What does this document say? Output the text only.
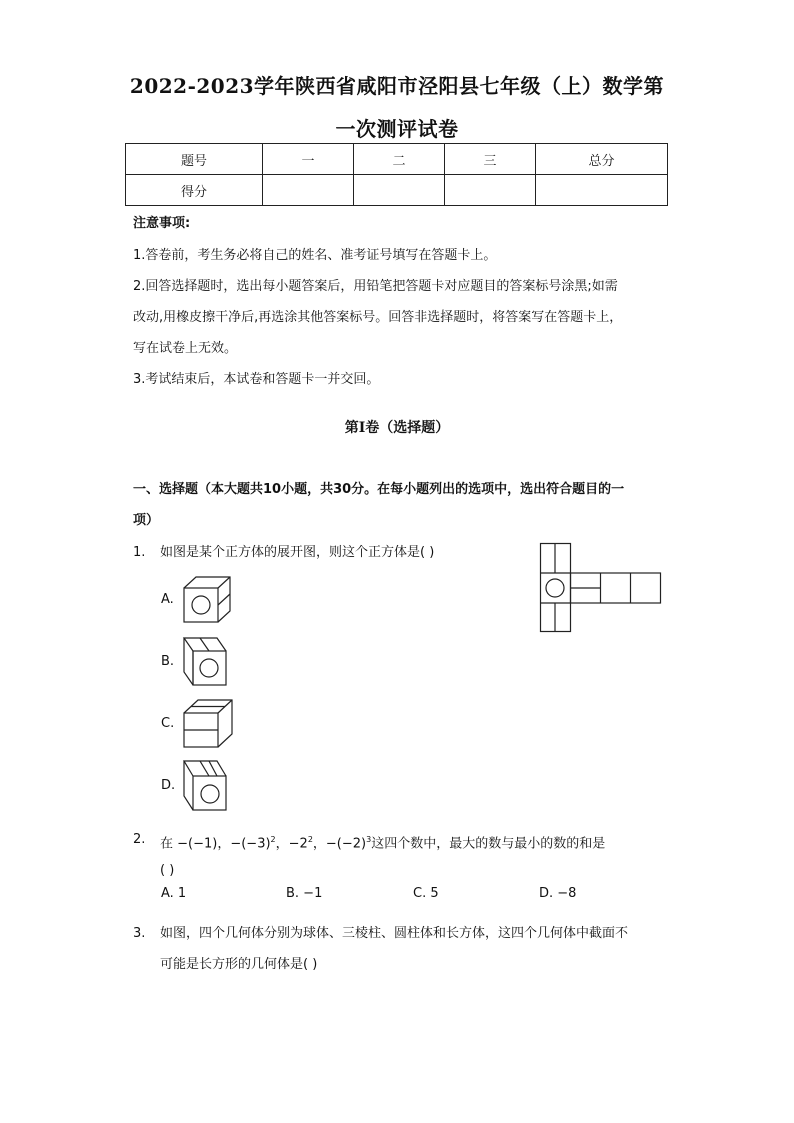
2022-2023学年陕西省咸阳市泾阳县七年级（上）数学第
一次测评试卷
题号	一	二	三	总分
得分				
注意事项:
1.答卷前，考生务必将自己的姓名、准考证号填写在答题卡上。
2.回答选择题时，选出每小题答案后，用铅笔把答题卡对应题目的答案标号涂黑;如需
改动,用橡皮擦干净后,再选涂其他答案标号。回答非选择题时，将答案写在答题卡上，
写在试卷上无效。
3.考试结束后，本试卷和答题卡一并交回。
第I卷（选择题）
一、选择题（本大题共10小题，共30分。在每小题列出的选项中，选出符合题目的一
项）
1. 如图是某个正方体的展开图，则这个正方体是( )
A.
B.
C.
D.
2. 在 −(−1)，$-(-3)^2$，$-2^2$，$-(-2)^3$这四个数中，最大的数与最小的数的和是
( )
A. 1	B. −1	C. 5	D. −8
3. 如图，四个几何体分别为球体、三棱柱、圆柱体和长方体，这四个几何体中截面不
可能是长方形的几何体是( )
